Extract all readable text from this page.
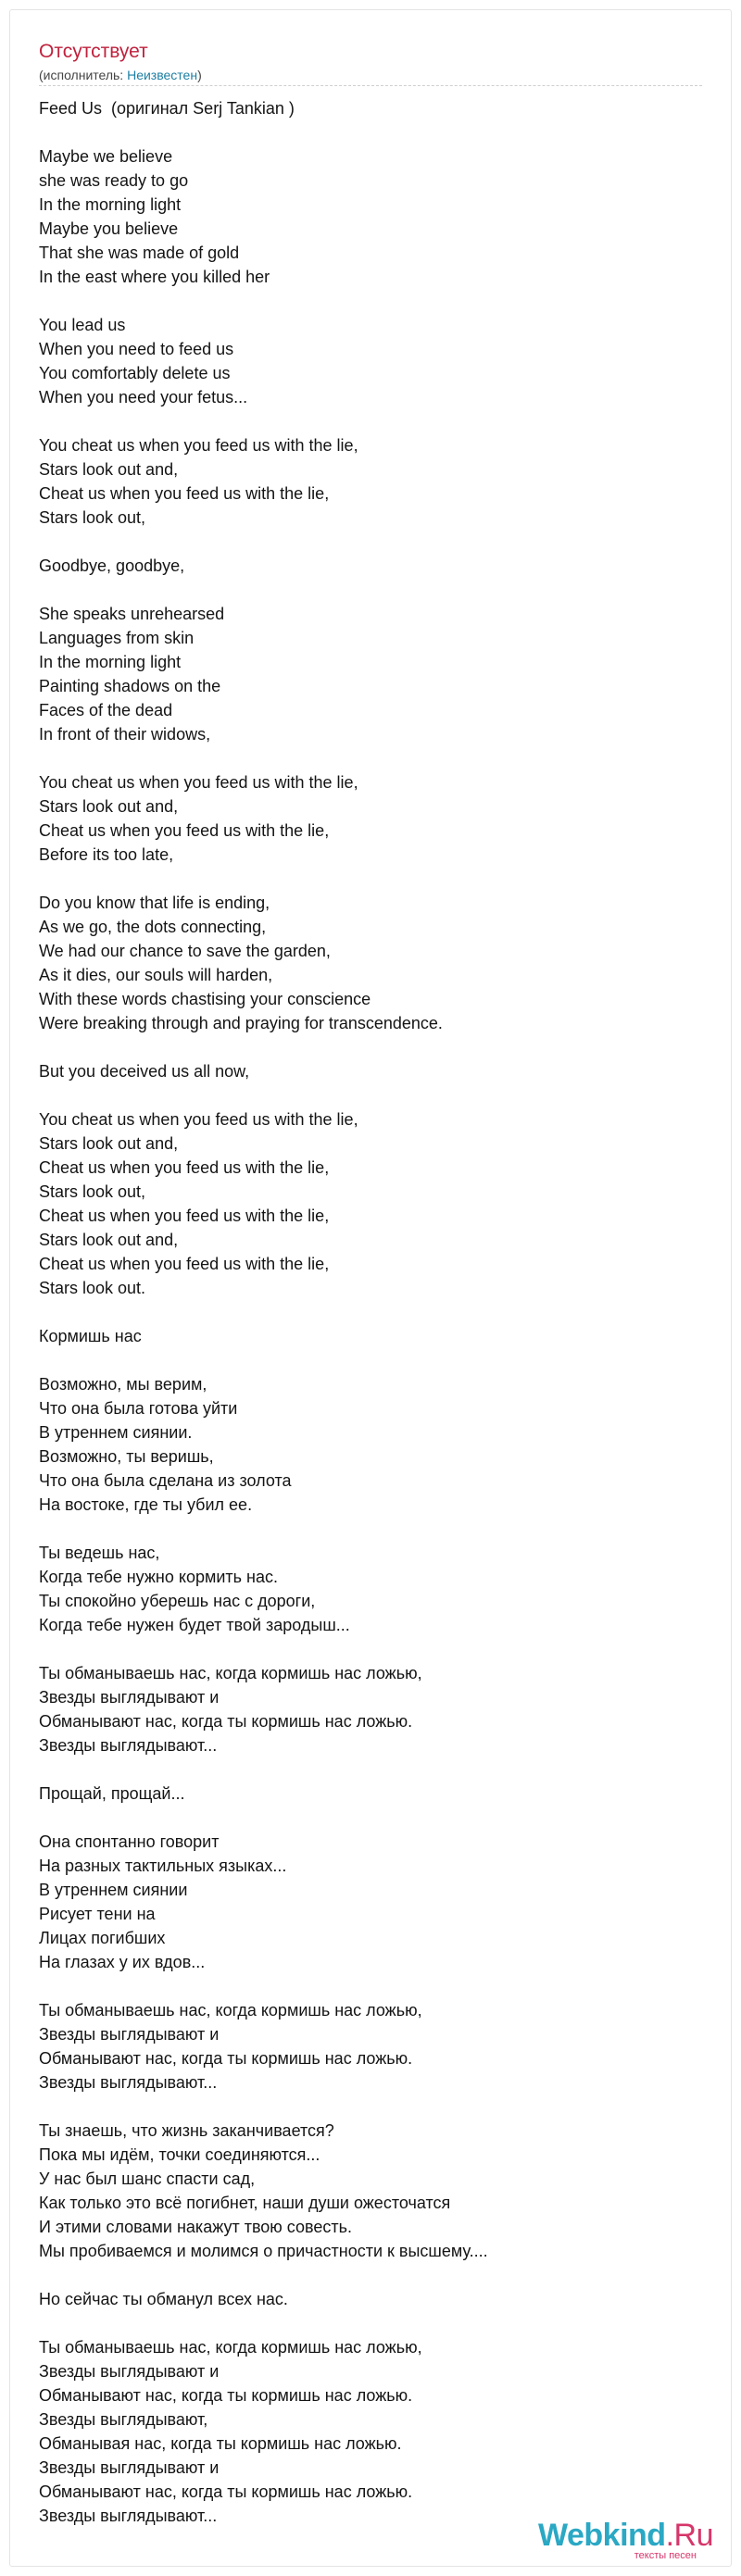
Отсутствует
(исполнитель: Неизвестен)
Feed Us  (оригинал Serj Tankian )
Maybe we believe
she was ready to go
In the morning light
Maybe you believe
That she was made of gold
In the east where you killed her
You lead us
When you need to feed us
You comfortably delete us
When you need your fetus...
You cheat us when you feed us with the lie,
Stars look out and,
Cheat us when you feed us with the lie,
Stars look out,
Goodbye, goodbye,
She speaks unrehearsed
Languages from skin
In the morning light
Painting shadows on the
Faces of the dead
In front of their widows,
You cheat us when you feed us with the lie,
Stars look out and,
Cheat us when you feed us with the lie,
Before its too late,
Do you know that life is ending,
As we go, the dots connecting,
We had our chance to save the garden,
As it dies, our souls will harden,
With these words chastising your conscience
Were breaking through and praying for transcendence.
But you deceived us all now,
You cheat us when you feed us with the lie,
Stars look out and,
Cheat us when you feed us with the lie,
Stars look out,
Cheat us when you feed us with the lie,
Stars look out and,
Cheat us when you feed us with the lie,
Stars look out.
Кормишь нас
Возможно, мы верим,
Что она была готова уйти
В утреннем сиянии.
Возможно, ты веришь,
Что она была сделана из золота
На востоке, где ты убил ее.
Ты ведешь нас,
Когда тебе нужно кормить нас.
Ты спокойно уберешь нас с дороги,
Когда тебе нужен будет твой зародыш...
Ты обманываешь нас, когда кормишь нас ложью,
Звезды выглядывают и
Обманывают нас, когда ты кормишь нас ложью.
Звезды выглядывают...
Прощай, прощай...
Она спонтанно говорит
На разных тактильных языках...
В утреннем сиянии
Рисует тени на
Лицах погибших
На глазах у их вдов...
Ты обманываешь нас, когда кормишь нас ложью,
Звезды выглядывают и
Обманывают нас, когда ты кормишь нас ложью.
Звезды выглядывают...
Ты знаешь, что жизнь заканчивается?
Пока мы идём, точки соединяются...
У нас был шанс спасти сад,
Как только это всё погибнет, наши души ожесточатся
И этими словами накажут твою совесть.
Мы пробиваемся и молимся о причастности к высшему....
Но сейчас ты обманул всех нас.
Ты обманываешь нас, когда кормишь нас ложью,
Звезды выглядывают и
Обманывают нас, когда ты кормишь нас ложью.
Звезды выглядывают,
Обманывая нас, когда ты кормишь нас ложью.
Звезды выглядывают и
Обманывают нас, когда ты кормишь нас ложью.
Звезды выглядывают...
Webkind.Ru
тексты песен
